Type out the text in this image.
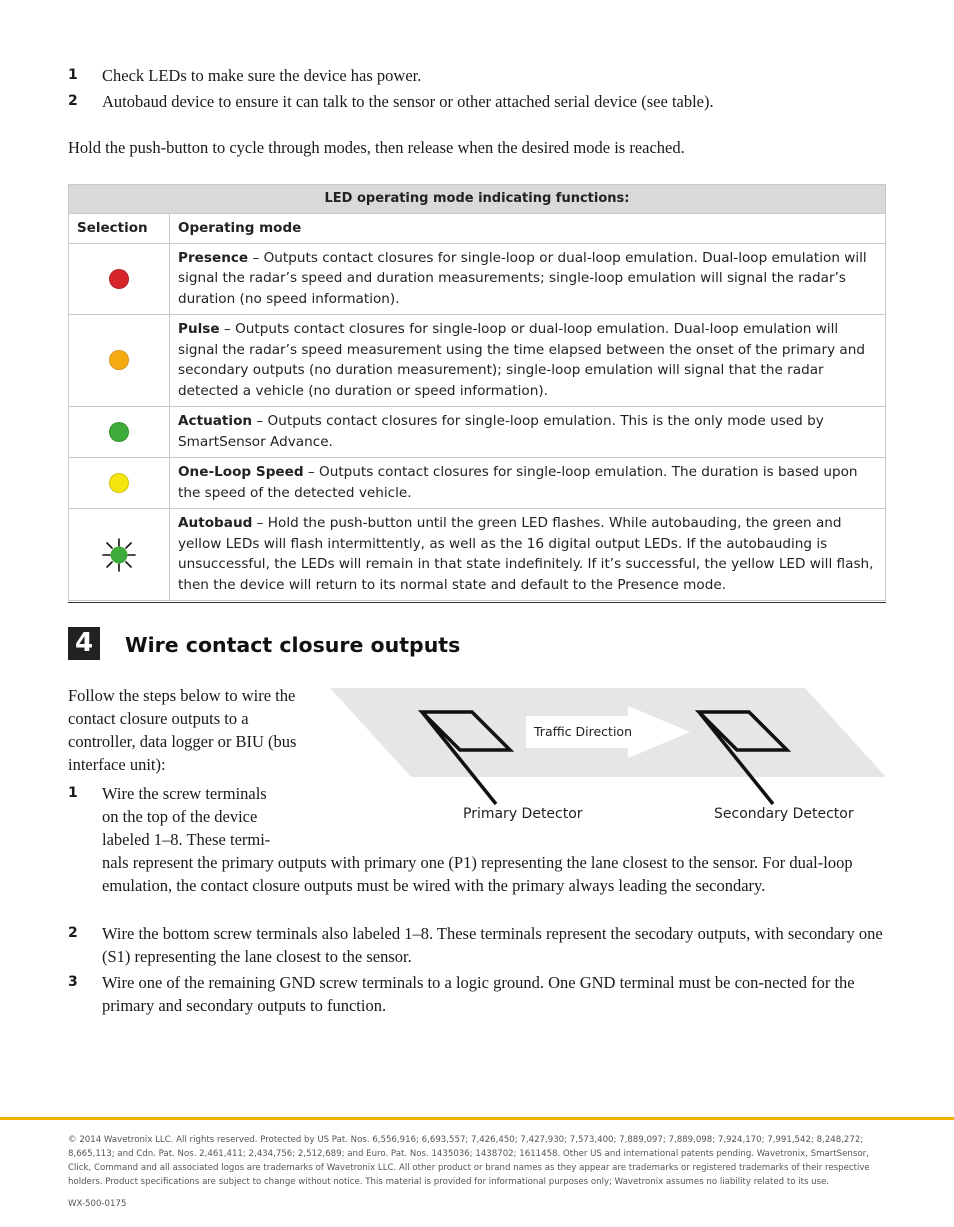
1	Check LEDs to make sure the device has power.
2	Autobaud device to ensure it can talk to the sensor or other attached serial device (see table).
Hold the push-button to cycle through modes, then release when the desired mode is reached.
LED operating mode indicating functions:	
Selection	Operating mode
	Presence – Outputs contact closures for single-loop or dual-loop emulation. Dual-loop emulation will signal the radar’s speed and duration measurements; single-loop emulation will signal the radar’s duration (no speed information).
	Pulse – Outputs contact closures for single-loop or dual-loop emulation. Dual-loop emulation will signal the radar’s speed measurement using the time elapsed between the onset of the primary and secondary outputs (no duration measurement); single-loop emulation will signal that the radar detected a vehicle (no duration or speed information).
	Actuation – Outputs contact closures for single-loop emulation. This is the only mode used by SmartSensor Advance.
	One-Loop Speed – Outputs contact closures for single-loop emulation. The duration is based upon the speed of the detected vehicle.
	Autobaud – Hold the push-button until the green LED flashes. While autobauding, the green and yellow LEDs will flash intermittently, as well as the 16 digital output LEDs. If the autobauding is unsuccessful, the LEDs will remain in that state indefinitely. If it’s successful, the yellow LED will flash, then the device will return to its normal state and default to the Presence mode.
4	Wire contact closure outputs
Follow the steps below to wire the contact closure outputs to a controller, data logger or BIU (bus interface unit):
Traffic Direction
Primary Detector	Secondary Detector
1 Wire the screw terminals
on the top of the device
labeled 1–8. These termi-
nals represent the primary outputs with primary one (P1) representing the lane closest to the sensor. For dual-loop emulation, the contact closure outputs must be wired with the primary always leading the secondary.
2	Wire the bottom screw terminals also labeled 1–8. These terminals represent the secodary outputs, with secondary one (S1) representing the lane closest to the sensor.
3	Wire one of the remaining GND screw terminals to a logic ground. One GND terminal must be con-nected for the primary and secondary outputs to function.
© 2014 Wavetronix LLC. All rights reserved. Protected by US Pat. Nos. 6,556,916; 6,693,557; 7,426,450; 7,427,930; 7,573,400; 7,889,097; 7,889,098; 7,924,170; 7,991,542; 8,248,272; 8,665,113; and Cdn. Pat. Nos. 2,461,411; 2,434,756; 2,512,689; and Euro. Pat. Nos. 1435036; 1438702; 1611458. Other US and international patents pending. Wavetronix, SmartSensor, Click, Command and all associated logos are trademarks of Wavetronix LLC. All other product or brand names as they appear are trademarks or registered trademarks of their respective holders. Product specifications are subject to change without notice. This material is provided for informational purposes only; Wavetronix assumes no liability related to its use.
WX-500-0175
